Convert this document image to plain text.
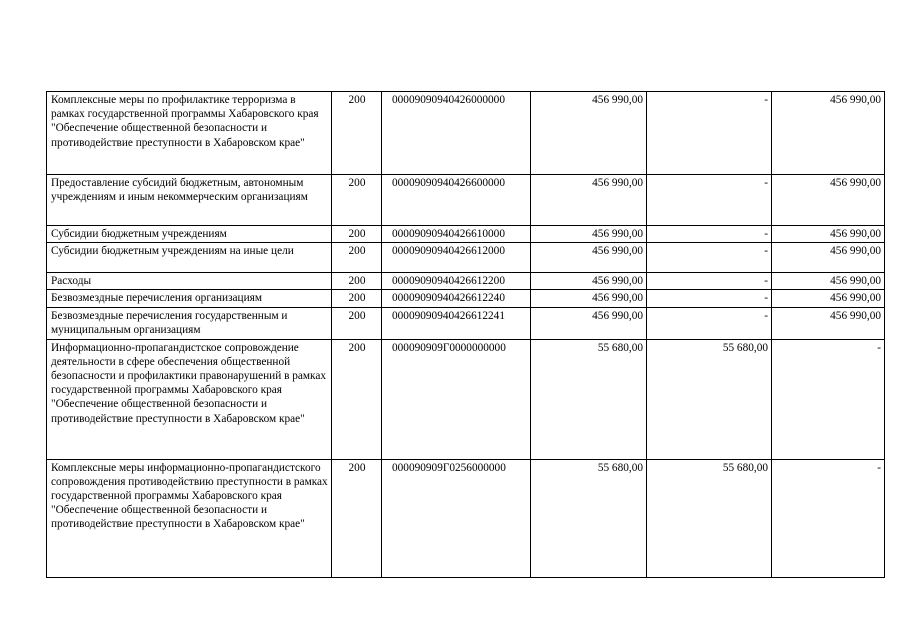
Комплексные меры по профилактике терроризма в рамках государственной программы Хабаровского края "Обеспечение общественной безопасности и противодействие преступности в Хабаровском крае"	200	00009090940426000000	456 990,00	-	456 990,00
Предоставление субсидий бюджетным, автономным учреждениям и иным некоммерческим организациям	200	00009090940426600000	456 990,00	-	456 990,00
Субсидии бюджетным учреждениям	200	00009090940426610000	456 990,00	-	456 990,00
Субсидии бюджетным учреждениям на иные цели	200	00009090940426612000	456 990,00	-	456 990,00
Расходы	200	00009090940426612200	456 990,00	-	456 990,00
Безвозмездные перечисления организациям	200	00009090940426612240	456 990,00	-	456 990,00
Безвозмездные перечисления государственным и муниципальным организациям	200	00009090940426612241	456 990,00	-	456 990,00
Информационно-пропагандистское сопровождение деятельности в сфере обеспечения общественной безопасности и профилактики правонарушений в рамках государственной программы Хабаровского края "Обеспечение общественной безопасности и противодействие преступности в Хабаровском крае"	200	000090909Г0000000000	55 680,00	55 680,00	-
Комплексные меры информационно-пропагандистского сопровождения противодействию преступности в рамках государственной программы Хабаровского края "Обеспечение общественной безопасности и противодействие преступности в Хабаровском крае"	200	000090909Г0256000000	55 680,00	55 680,00	-
